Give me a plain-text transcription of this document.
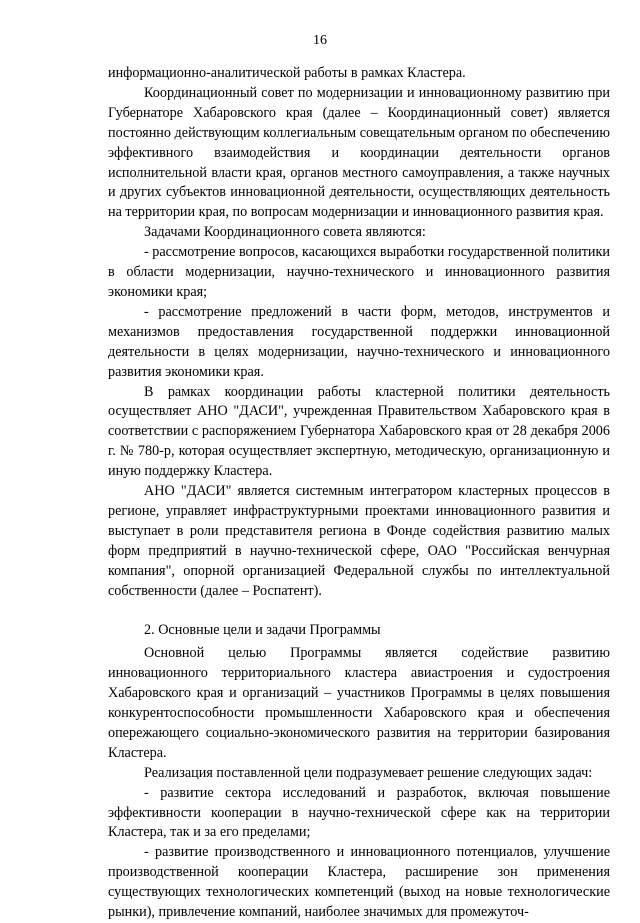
16

информационно-аналитической работы в рамках Кластера.

Координационный совет по модернизации и инновационному развитию при Губернаторе Хабаровского края (далее – Координационный совет) является постоянно действующим коллегиальным совещательным органом по обеспечению эффективного взаимодействия и координации деятельности органов исполнительной власти края, органов местного самоуправления, а также научных и других субъектов инновационной деятельности, осуществляющих деятельность на территории края, по вопросам модернизации и инновационного развития края.

Задачами Координационного совета являются:

- рассмотрение вопросов, касающихся выработки государственной политики в области модернизации, научно-технического и инновационного развития экономики края;

- рассмотрение предложений в части форм, методов, инструментов и механизмов предоставления государственной поддержки инновационной деятельности в целях модернизации, научно-технического и инновационного развития экономики края.

В рамках координации работы кластерной политики деятельность осуществляет АНО "ДАСИ", учрежденная Правительством Хабаровского края в соответствии с распоряжением Губернатора Хабаровского края от 28 декабря 2006 г. № 780-р, которая осуществляет экспертную, методическую, организационную и иную поддержку Кластера.

АНО "ДАСИ" является системным интегратором кластерных процессов в регионе, управляет инфраструктурными проектами инновационного развития и выступает в роли представителя региона в Фонде содействия развитию малых форм предприятий в научно-технической сфере, ОАО "Российская венчурная компания", опорной организацией Федеральной службы по интеллектуальной собственности (далее – Роспатент).

2. Основные цели и задачи Программы

Основной целью Программы является содействие развитию инновационного территориального кластера авиастроения и судостроения Хабаровского края и организаций – участников Программы в целях повышения конкурентоспособности промышленности Хабаровского края и обеспечения опережающего социально-экономического развития на территории базирования Кластера.

Реализация поставленной цели подразумевает решение следующих задач:

- развитие сектора исследований и разработок, включая повышение эффективности кооперации в научно-технической сфере как на территории Кластера, так и за его пределами;

- развитие производственного и инновационного потенциалов, улучшение производственной кооперации Кластера, расширение зон применения существующих технологических компетенций (выход на новые технологические рынки), привлечение компаний, наиболее значимых для промежуточ-
